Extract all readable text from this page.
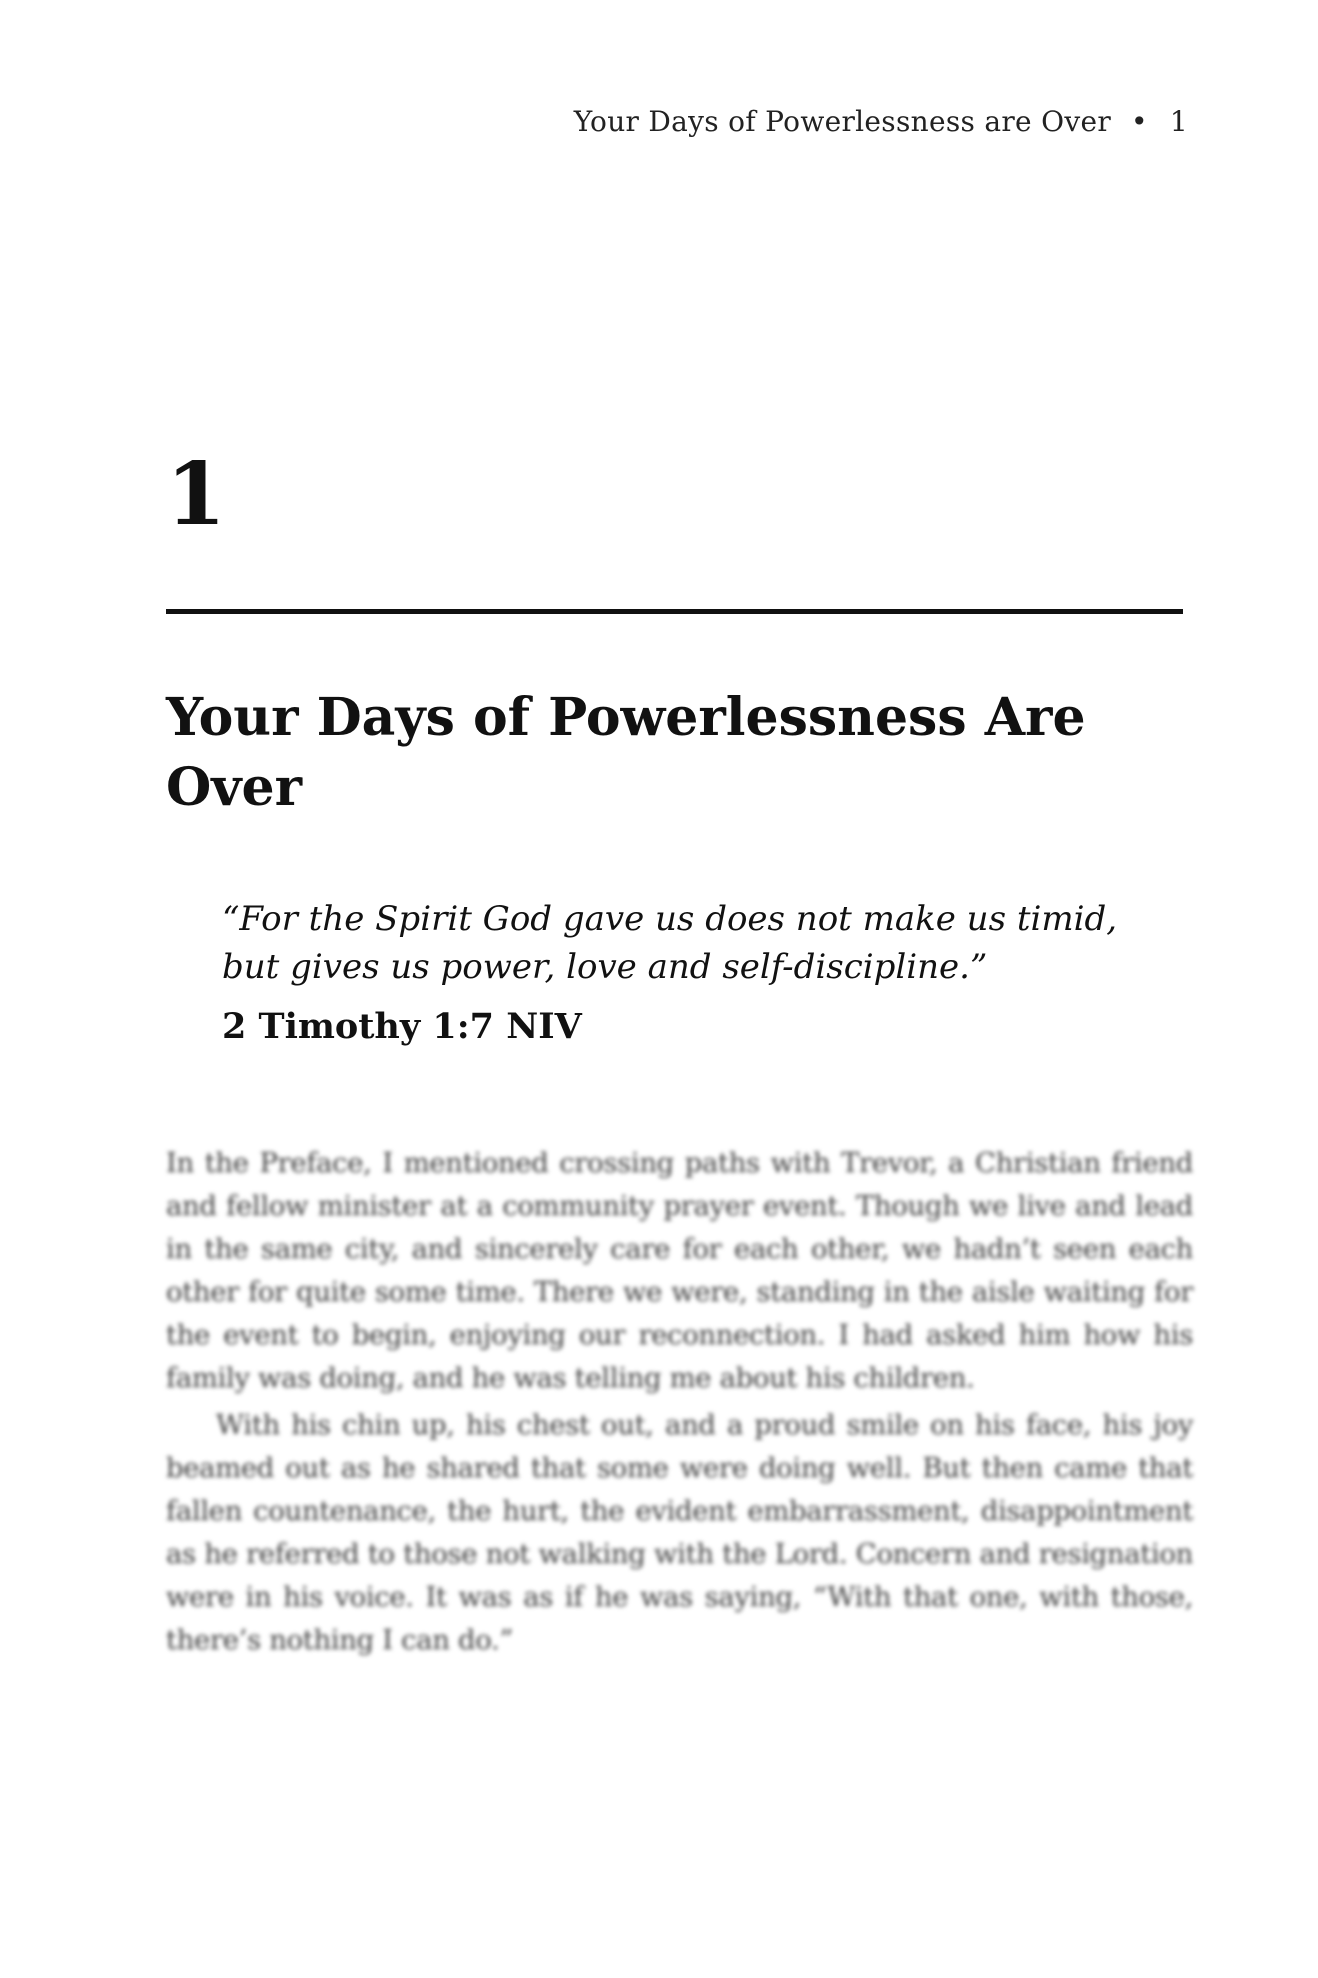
Your Days of Powerlessness are Over • 1
1
Your Days of Powerlessness Are Over

“For the Spirit God gave us does not make us timid, but gives us power, love and self-discipline.”

2 Timothy 1:7 NIV

In the Preface, I mentioned crossing paths with Trevor, a Christian friend and fellow minister at a community prayer event. Though we live and lead in the same city, and sincerely care for each other, we hadn’t seen each other for quite some time. There we were, standing in the aisle waiting for the event to begin, enjoying our reconnection. I had asked him how his family was doing, and he was telling me about his children.

With his chin up, his chest out, and a proud smile on his face, his joy beamed out as he shared that some were doing well. But then came that fallen countenance, the hurt, the evident embarrassment, disappointment as he referred to those not walking with the Lord. Concern and resignation were in his voice. It was as if he was saying, “With that one, with those, there’s nothing I can do.”
